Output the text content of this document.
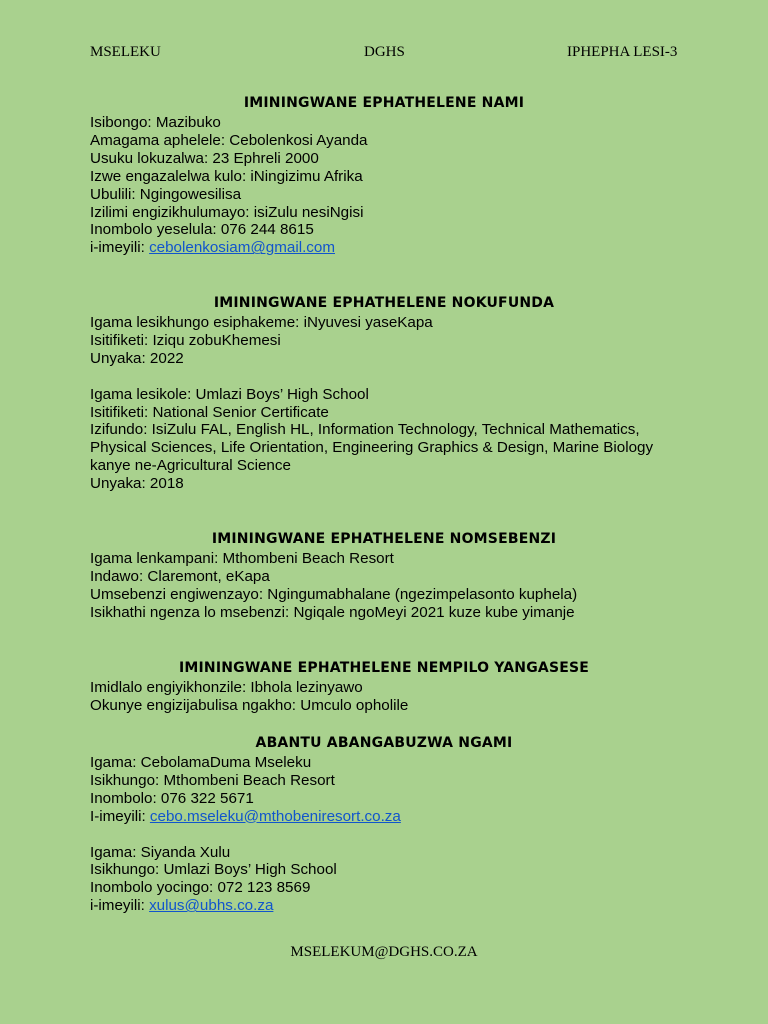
MSELEKU	DGHS	IPHEPHA LESI-3
IMININGWANE EPHATHELENE NAMI
Isibongo: Mazibuko
Amagama aphelele: Cebolenkosi Ayanda
Usuku lokuzalwa: 23 Ephreli 2000
Izwe engazalelwa kulo: iNingizimu Afrika
Ubulili: Ngingowesilisa
Izilimi engizikhulumayo: isiZulu nesiNgisi
Inombolo yeselula: 076 244 8615
i-imeyili: cebolenkosiam@gmail.com
IMININGWANE EPHATHELENE NOKUFUNDA
Igama lesikhungo esiphakeme: iNyuvesi yaseKapa
Isitifiketi: Iziqu zobuKhemesi
Unyaka: 2022
Igama lesikole: Umlazi Boys’ High School
Isitifiketi: National Senior Certificate
Izifundo: IsiZulu FAL, English HL, Information Technology, Technical Mathematics,
Physical Sciences, Life Orientation, Engineering Graphics & Design, Marine Biology
kanye ne-Agricultural Science
Unyaka: 2018
IMININGWANE EPHATHELENE NOMSEBENZI
Igama lenkampani: Mthombeni Beach Resort
Indawo: Claremont, eKapa
Umsebenzi engiwenzayo: Ngingumabhalane (ngezimpelasonto kuphela)
Isikhathi ngenza lo msebenzi: Ngiqale ngoMeyi 2021 kuze kube yimanje
IMININGWANE EPHATHELENE NEMPILO YANGASESE
Imidlalo engiyikhonzile: Ibhola lezinyawo
Okunye engizijabulisa ngakho: Umculo opholile
ABANTU ABANGABUZWA NGAMI
Igama: CebolamaDuma Mseleku
Isikhungo: Mthombeni Beach Resort
Inombolo: 076 322 5671
I-imeyili: cebo.mseleku@mthobeniresort.co.za
Igama: Siyanda Xulu
Isikhungo: Umlazi Boys’ High School
Inombolo yocingo: 072 123 8569
i-imeyili: xulus@ubhs.co.za
MSELEKUM@DGHS.CO.ZA
